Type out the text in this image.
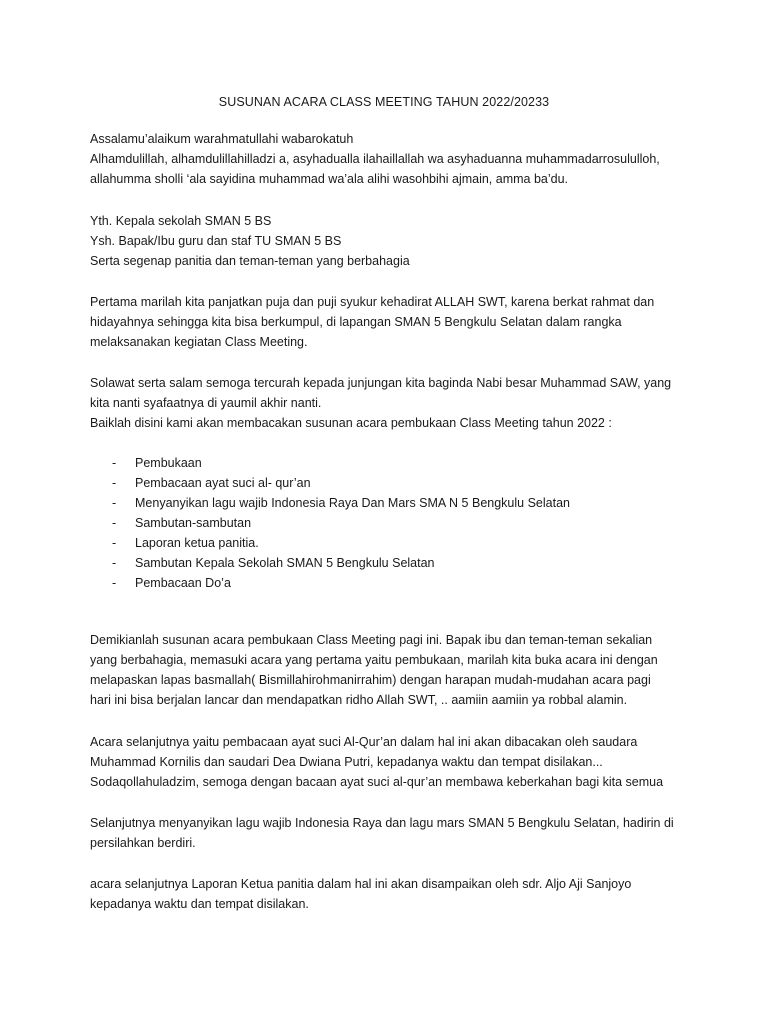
SUSUNAN ACARA CLASS MEETING TAHUN 2022/20233
Assalamu’alaikum warahmatullahi wabarokatuh
Alhamdulillah, alhamdulillahilladzi a, asyhadualla ilahaillallah wa asyhaduanna muhammadarrosululloh,
allahumma sholli ‘ala sayidina muhammad wa’ala alihi wasohbihi ajmain, amma ba’du.
Yth. Kepala sekolah SMAN 5 BS
Ysh. Bapak/Ibu guru dan staf TU SMAN 5 BS
Serta segenap panitia dan teman-teman yang berbahagia
Pertama marilah kita panjatkan puja dan puji syukur kehadirat ALLAH SWT, karena berkat rahmat dan
hidayahnya sehingga kita bisa berkumpul, di lapangan SMAN 5 Bengkulu Selatan dalam rangka
melaksanakan kegiatan Class Meeting.
Solawat serta salam semoga tercurah kepada junjungan kita baginda Nabi besar Muhammad SAW, yang
kita nanti syafaatnya di yaumil akhir nanti.
Baiklah disini kami akan membacakan susunan acara pembukaan Class Meeting tahun 2022 :
-	Pembukaan
-	Pembacaan ayat suci al- qur’an
-	Menyanyikan lagu wajib Indonesia Raya Dan Mars SMA N 5 Bengkulu Selatan
-	Sambutan-sambutan
-	Laporan ketua panitia.
-	Sambutan Kepala Sekolah SMAN 5 Bengkulu Selatan
-	Pembacaan Do’a
Demikianlah susunan acara pembukaan Class Meeting pagi ini. Bapak ibu dan teman-teman sekalian
yang berbahagia, memasuki acara yang pertama yaitu pembukaan, marilah kita buka acara ini dengan
melapaskan lapas basmallah( Bismillahirohmanirrahim) dengan harapan mudah-mudahan acara pagi
hari ini bisa berjalan lancar dan mendapatkan ridho Allah SWT, .. aamiin aamiin ya robbal alamin.
Acara selanjutnya yaitu pembacaan ayat suci Al-Qur’an dalam hal ini akan dibacakan oleh saudara
Muhammad Kornilis dan saudari Dea Dwiana Putri, kepadanya waktu dan tempat disilakan...
Sodaqollahuladzim, semoga dengan bacaan ayat suci al-qur’an membawa keberkahan bagi kita semua
Selanjutnya menyanyikan lagu wajib Indonesia Raya dan lagu mars SMAN 5 Bengkulu Selatan, hadirin di
persilahkan berdiri.
acara selanjutnya Laporan Ketua panitia dalam hal ini akan disampaikan oleh sdr. Aljo Aji Sanjoyo
kepadanya waktu dan tempat disilakan.
